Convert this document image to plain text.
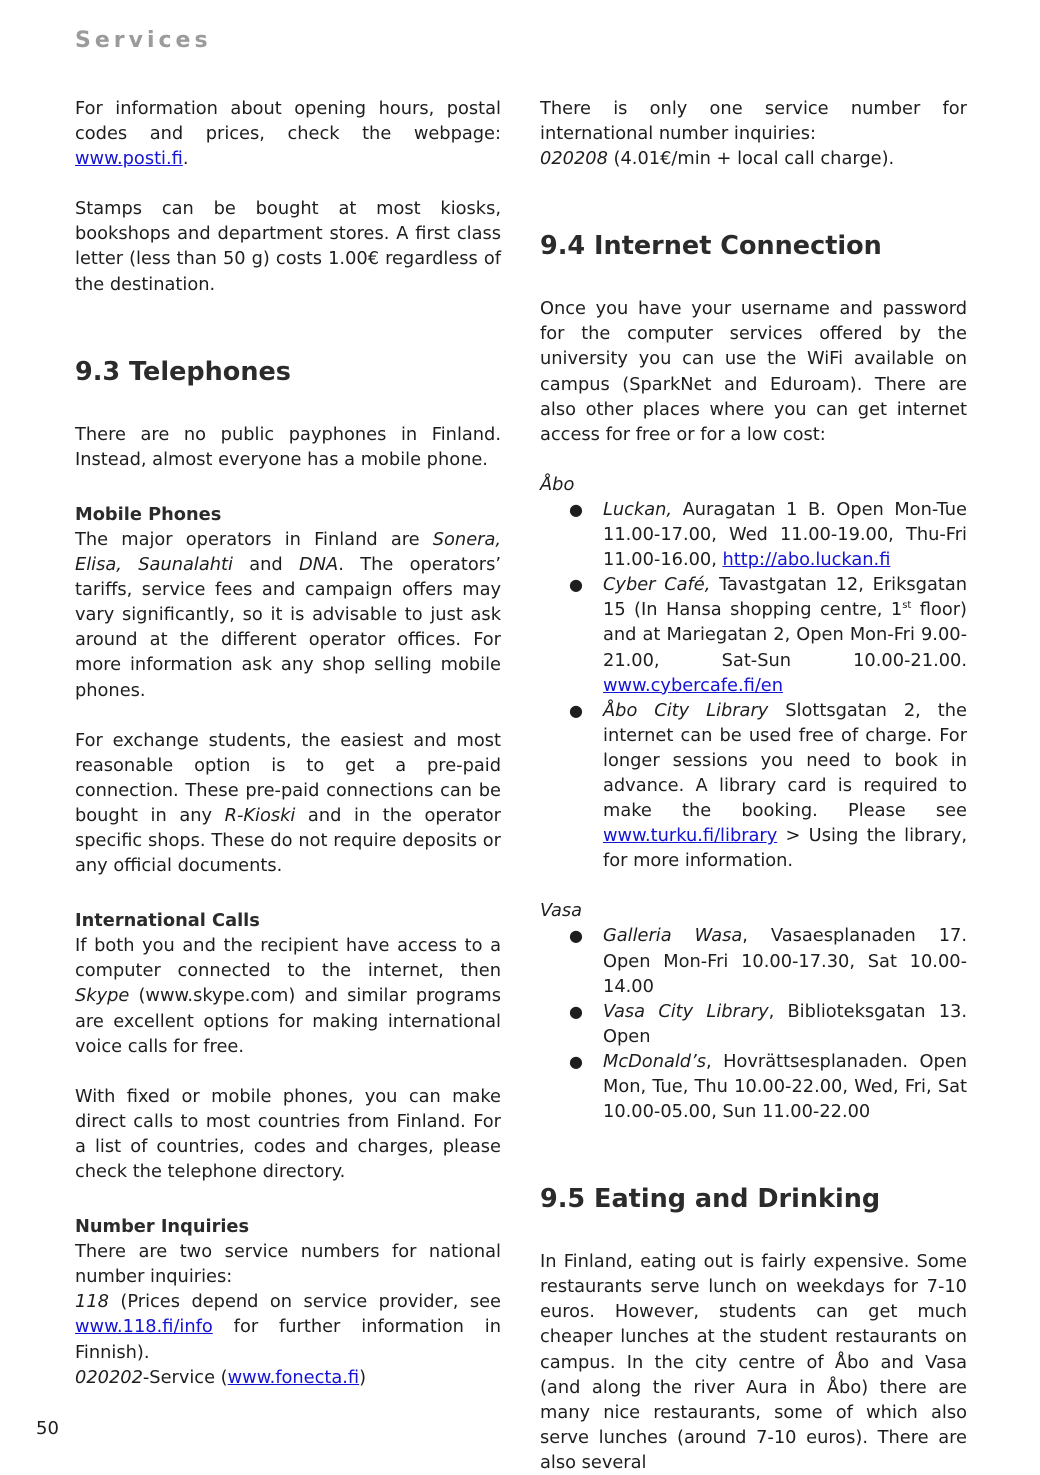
Services

For information about opening hours, postal codes and prices, check the webpage: www.posti.fi.

Stamps can be bought at most kiosks, bookshops and department stores. A first class letter (less than 50 g) costs 1.00€ regardless of the destination.

9.3 Telephones

There are no public payphones in Finland. Instead, almost everyone has a mobile phone.

Mobile Phones

The major operators in Finland are Sonera, Elisa, Saunalahti and DNA. The operators’ tariffs, service fees and campaign offers may vary significantly, so it is advisable to just ask around at the different operator offices. For more information ask any shop selling mobile phones.

For exchange students, the easiest and most reasonable option is to get a pre-paid connection. These pre-paid connections can be bought in any R-Kioski and in the operator specific shops. These do not require deposits or any official documents.

International Calls

If both you and the recipient have access to a computer connected to the internet, then Skype (www.skype.com) and similar programs are excellent options for making international voice calls for free.

With fixed or mobile phones, you can make direct calls to most countries from Finland. For a list of countries, codes and charges, please check the telephone directory.

Number Inquiries

There are two service numbers for national number inquiries:

118 (Prices depend on service provider, see www.118.fi/info for further information in Finnish).

020202-Service (www.fonecta.fi)

There is only one service number for international number inquiries:

020208 (4.01€/min + local call charge).

9.4 Internet Connection

Once you have your username and password for the computer services offered by the university you can use the WiFi available on campus (SparkNet and Eduroam). There are also other places where you can get internet access for free or for a low cost:

Åbo

● Luckan, Auragatan 1 B. Open Mon-Tue 11.00-17.00, Wed 11.00-19.00, Thu-Fri 11.00-16.00, http://abo.luckan.fi
● Cyber Café, Tavastgatan 12, Eriksgatan 15 (In Hansa shopping centre, 1st floor) and at Mariegatan 2, Open Mon-Fri 9.00-21.00, Sat-Sun 10.00-21.00. www.cybercafe.fi/en
● Åbo City Library Slottsgatan 2, the internet can be used free of charge. For longer sessions you need to book in advance. A library card is required to make the booking. Please see www.turku.fi/library > Using the library, for more information.

Vasa

● Galleria Wasa, Vasaesplanaden 17. Open Mon-Fri 10.00-17.30, Sat 10.00-14.00
● Vasa City Library, Biblioteksgatan 13. Open
● McDonald’s, Hovrättsesplanaden. Open Mon, Tue, Thu 10.00-22.00, Wed, Fri, Sat 10.00-05.00, Sun 11.00-22.00
9.5 Eating and Drinking

In Finland, eating out is fairly expensive. Some restaurants serve lunch on weekdays for 7-10 euros. However, students can get much cheaper lunches at the student restaurants on campus. In the city centre of Åbo and Vasa (and along the river Aura in Åbo) there are many nice restaurants, some of which also serve lunches (around 7-10 euros). There are also several

50
